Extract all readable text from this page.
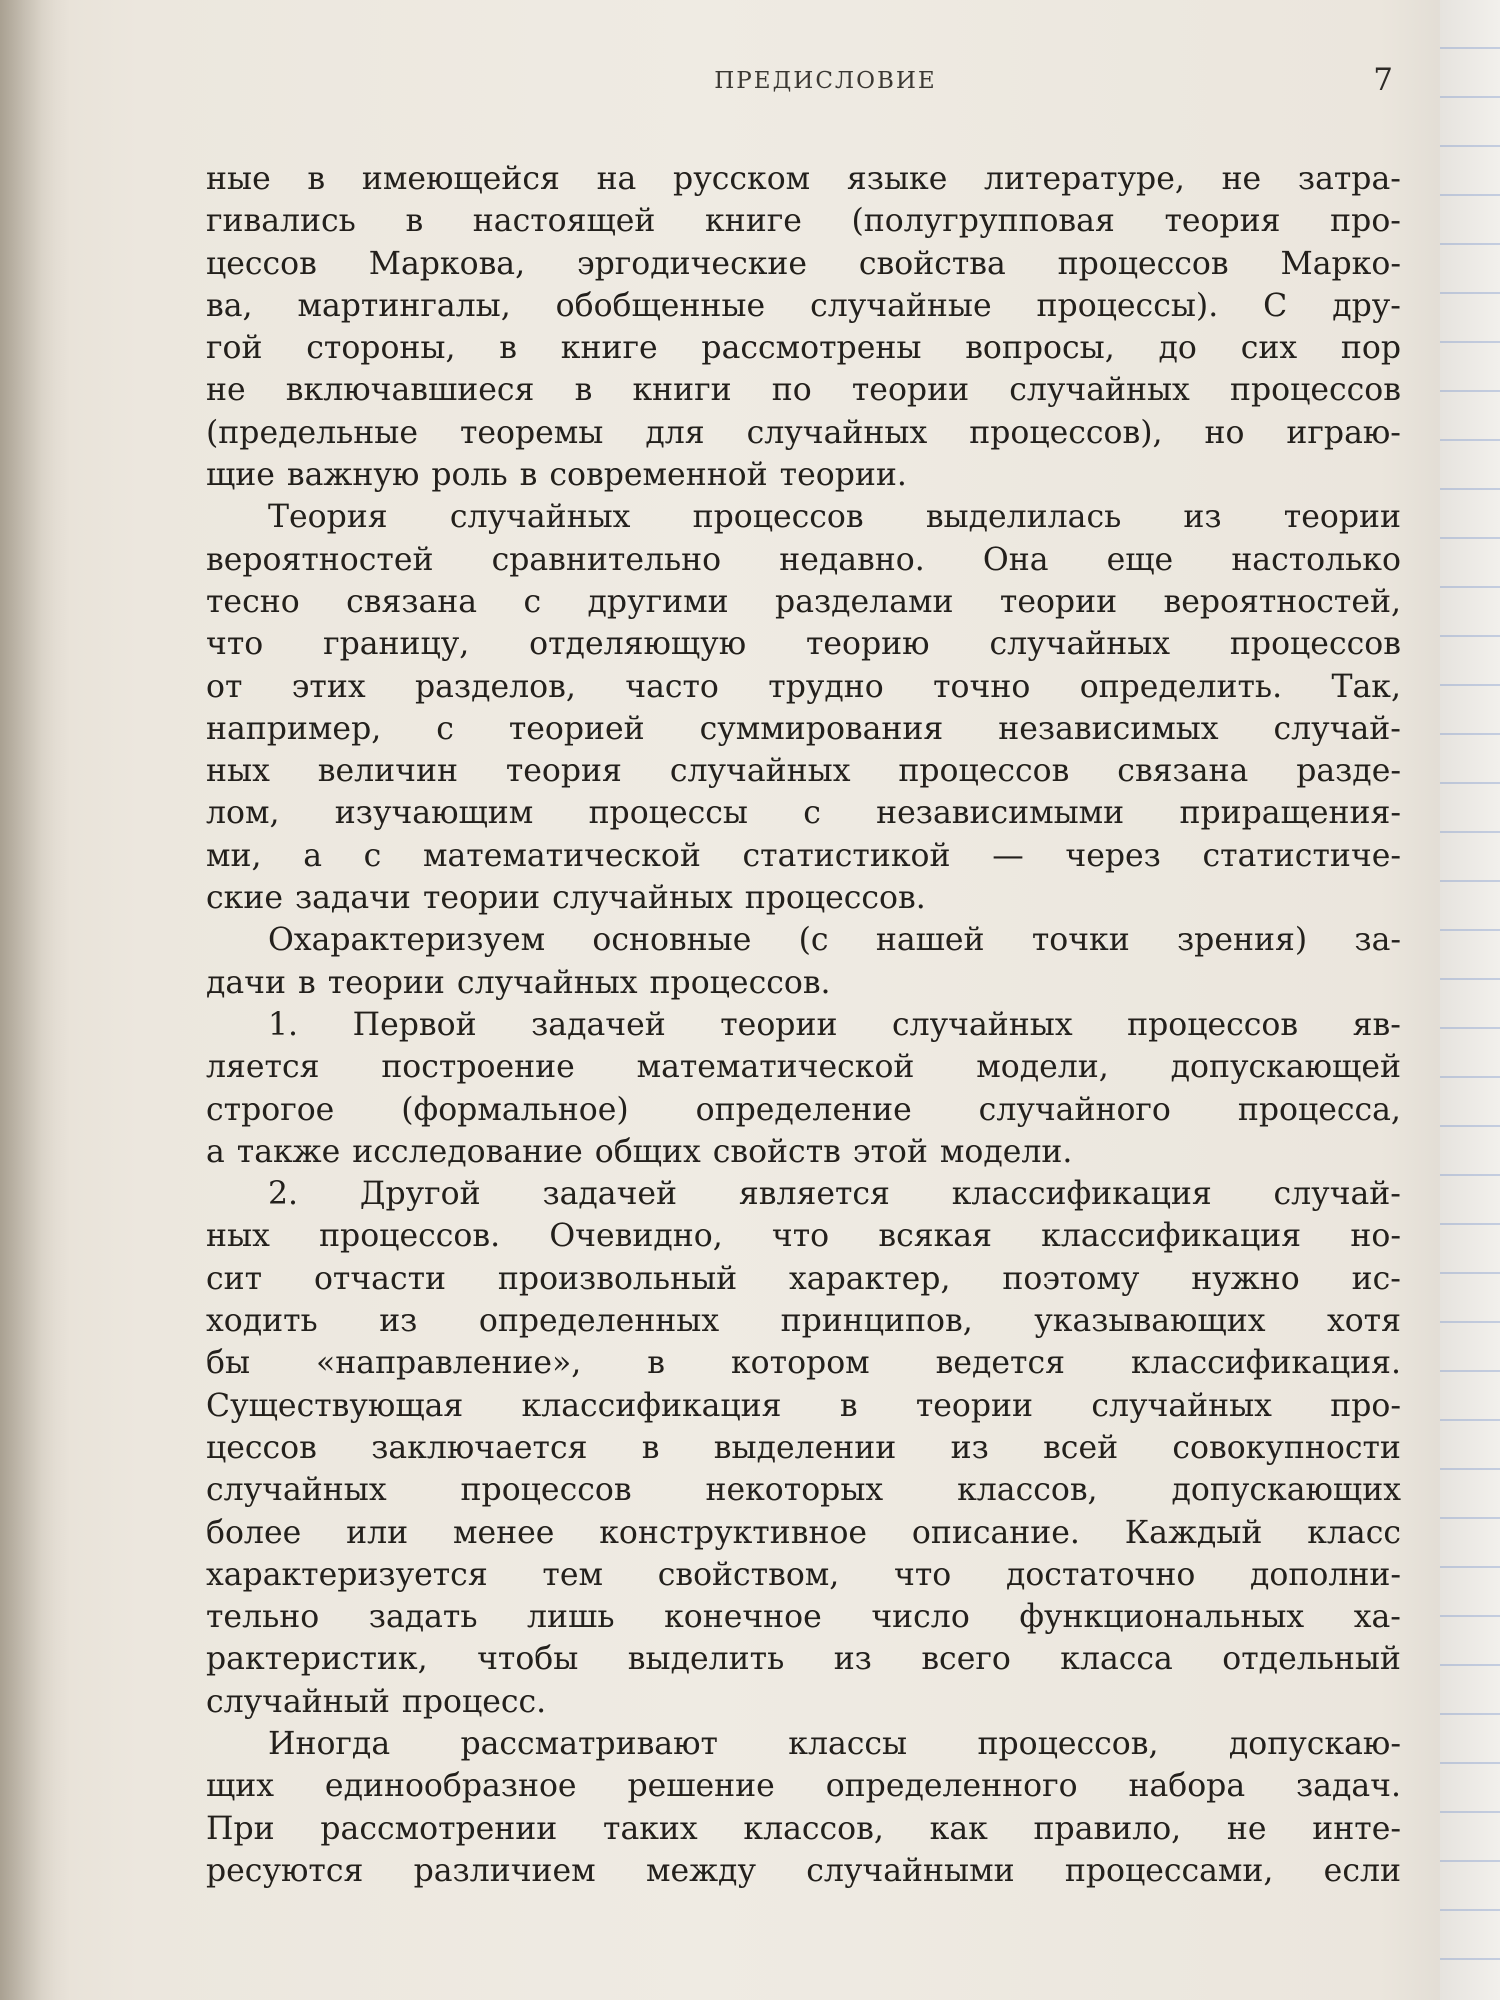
ПРЕДИСЛОВИЕ	7
ные в имеющейся на русском языке литературе, не затра-
гивались в настоящей книге (полугрупповая теория про-
цессов Маркова, эргодические свойства процессов Марко-
ва, мартингалы, обобщенные случайные процессы). С дру-
гой стороны, в книге рассмотрены вопросы, до сих пор
не включавшиеся в книги по теории случайных процессов
(предельные теоремы для случайных процессов), но играю-
щие важную роль в современной теории.
Теория случайных процессов выделилась из теории
вероятностей сравнительно недавно. Она еще настолько
тесно связана с другими разделами теории вероятностей,
что границу, отделяющую теорию случайных процессов
от этих разделов, часто трудно точно определить. Так,
например, с теорией суммирования независимых случай-
ных величин теория случайных процессов связана разде-
лом, изучающим процессы с независимыми приращения-
ми, а с математической статистикой — через статистиче-
ские задачи теории случайных процессов.
Охарактеризуем основные (с нашей точки зрения) за-
дачи в теории случайных процессов.
1. Первой задачей теории случайных процессов яв-
ляется построение математической модели, допускающей
строгое (формальное) определение случайного процесса,
а также исследование общих свойств этой модели.
2. Другой задачей является классификация случай-
ных процессов. Очевидно, что всякая классификация но-
сит отчасти произвольный характер, поэтому нужно ис-
ходить из определенных принципов, указывающих хотя
бы «направление», в котором ведется классификация.
Существующая классификация в теории случайных про-
цессов заключается в выделении из всей совокупности
случайных процессов некоторых классов, допускающих
более или менее конструктивное описание. Каждый класс
характеризуется тем свойством, что достаточно дополни-
тельно задать лишь конечное число функциональных ха-
рактеристик, чтобы выделить из всего класса отдельный
случайный процесс.
Иногда рассматривают классы процессов, допускаю-
щих единообразное решение определенного набора задач.
При рассмотрении таких классов, как правило, не инте-
ресуются различием между случайными процессами, если
